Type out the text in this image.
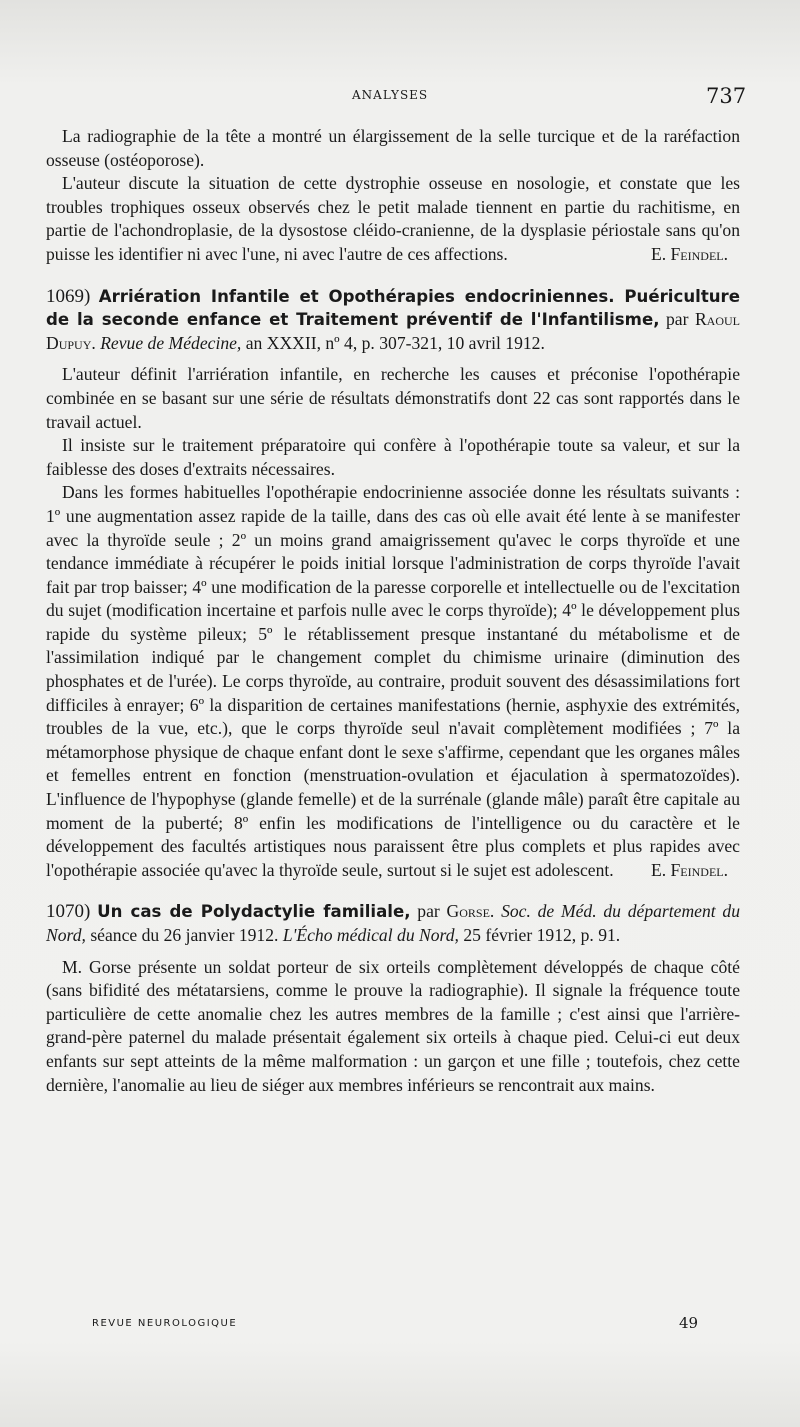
ANALYSES	737

La radiographie de la tête a montré un élargissement de la selle turcique et de la raréfaction osseuse (ostéoporose).

L'auteur discute la situation de cette dystrophie osseuse en nosologie, et constate que les troubles trophiques osseux observés chez le petit malade tiennent en partie du rachitisme, en partie de l'achondroplasie, de la dysostose cléido-cranienne, de la dysplasie périostale sans qu'on puisse les identifier ni avec l'une, ni avec l'autre de ces affections.	E. Feindel.

1069) Arriération Infantile et Opothérapies endocriniennes. Puériculture de la seconde enfance et Traitement préventif de l'Infantilisme, par Raoul Dupuy. Revue de Médecine, an XXXII, nº 4, p. 307-321, 10 avril 1912.

L'auteur définit l'arriération infantile, en recherche les causes et préconise l'opothérapie combinée en se basant sur une série de résultats démonstratifs dont 22 cas sont rapportés dans le travail actuel.

Il insiste sur le traitement préparatoire qui confère à l'opothérapie toute sa valeur, et sur la faiblesse des doses d'extraits nécessaires.

Dans les formes habituelles l'opothérapie endocrinienne associée donne les résultats suivants : 1º une augmentation assez rapide de la taille, dans des cas où elle avait été lente à se manifester avec la thyroïde seule ; 2º un moins grand amaigrissement qu'avec le corps thyroïde et une tendance immédiate à récupérer le poids initial lorsque l'administration de corps thyroïde l'avait fait par trop baisser; 4º une modification de la paresse corporelle et intellectuelle ou de l'excitation du sujet (modification incertaine et parfois nulle avec le corps thyroïde); 4º le développement plus rapide du système pileux; 5º le rétablissement presque instantané du métabolisme et de l'assimilation indiqué par le changement complet du chimisme urinaire (diminution des phosphates et de l'urée). Le corps thyroïde, au contraire, produit souvent des désassimilations fort difficiles à enrayer; 6º la disparition de certaines manifestations (hernie, asphyxie des extrémités, troubles de la vue, etc.), que le corps thyroïde seul n'avait complètement modifiées ; 7º la métamorphose physique de chaque enfant dont le sexe s'affirme, cependant que les organes mâles et femelles entrent en fonction (menstruation-ovulation et éjaculation à spermatozoïdes). L'influence de l'hypophyse (glande femelle) et de la surrénale (glande mâle) paraît être capitale au moment de la puberté; 8º enfin les modifications de l'intelligence ou du caractère et le développement des facultés artistiques nous paraissent être plus complets et plus rapides avec l'opothérapie associée qu'avec la thyroïde seule, surtout si le sujet est adolescent.	E. Feindel.

1070) Un cas de Polydactylie familiale, par Gorse. Soc. de Méd. du département du Nord, séance du 26 janvier 1912. L'Écho médical du Nord, 25 février 1912, p. 91.

M. Gorse présente un soldat porteur de six orteils complètement développés de chaque côté (sans bifidité des métatarsiens, comme le prouve la radiographie). Il signale la fréquence toute particulière de cette anomalie chez les autres membres de la famille ; c'est ainsi que l'arrière-grand-père paternel du malade présentait également six orteils à chaque pied. Celui-ci eut deux enfants sur sept atteints de la même malformation : un garçon et une fille ; toutefois, chez cette dernière, l'anomalie au lieu de siéger aux membres inférieurs se rencontrait aux mains.

REVUE NEUROLOGIQUE	49
